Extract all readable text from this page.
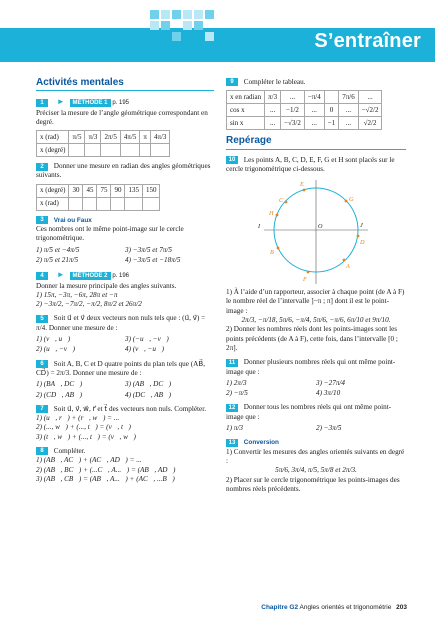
S’entraîner
Activités mentales
1 ► MÉTHODE 1 p. 195
Préciser la mesure de l’angle géométrique correspondant en degré.
x (rad)	π/5	π/3	2π/5	4π/5	π	4π/3
x (degré)						
2 Donner une mesure en radian des angles géométriques suivants.
x (degré)	30	45	75	90	135	150
x (rad)						
3 Vrai ou Faux
Ces nombres ont le même point-image sur le cercle trigonométrique.
1) π/5 et −4π/5	3) −3π/5 et 7π/5
2) π/5 et 21π/5	4) −3π/5 et −18π/5
4 ► MÉTHODE 2 p. 196
Donner la mesure principale des angles suivants.
1) 15π, −3π, −6π, 28π et −π
2) −3π/2, −7π/2, −π/2, 8π/2 et 26π/2
5 Soit u⃗ et v⃗ deux vecteurs non nuls tels que : (u⃗, v⃗) = π/4. Donner une mesure de :
1) (v⃗, u⃗)	3) (−u⃗, −v⃗)
2) (u⃗, −v⃗)	4) (v⃗, −u⃗)
6 Soit A, B, C et D quatre points du plan tels que (AB⃗, CD⃗) = 2π/3. Donner une mesure de :
1) (BA⃗, DC⃗)	3) (AB⃗, DC⃗)
2) (CD⃗, AB⃗)	4) (DC⃗, AB⃗)
7 Soit u⃗, v⃗, w⃗, r⃗ et t⃗ des vecteurs non nuls. Compléter.
1) (u⃗, r⃗) + (r⃗, w⃗) = ...
2) (..., w⃗) + (..., t⃗) = (v⃗, t⃗)
3) (t⃗, w⃗) + (..., t⃗) = (v⃗, w⃗)
8 Compléter.
1) (AB⃗, AC⃗) + (AC⃗, AD⃗) = ...
2) (AB⃗, BC⃗) + (...C⃗, A...⃗) = (AB⃗, AD⃗)
3) (AB⃗, CB⃗) = (AB⃗, A...⃗) + (AC⃗, ...B⃗)
9 Compléter le tableau.
x en radian	π/3	...	−π/4		7π/6	...
cos x	...	−1/2	...	0	...	−√2/2
sin x	...	−√3/2	...	−1	...	√2/2
Repérage
10 Les points A, B, C, D, E, F, G et H sont placés sur le cercle trigonométrique ci-dessous.
E
G
C
H
I	O
D
J
B
A
F
1) À l’aide d’un rapporteur, associer à chaque point (de A à F) le nombre réel de l’intervalle ]−π ; π] dont il est le point-image :
2π/3, −π/18, 5π/6, −π/4, 5π/6, −π/6, 6π/10 et 9π/10.
2) Donner les nombres réels dont les points-images sont les points précédents (de A à F), cette fois, dans l’intervalle [0 ; 2π].
11 Donner plusieurs nombres réels qui ont même point-image que :
1) 2π/3	3) −27π/4
2) −π/5	4) 3π/10
12 Donner tous les nombres réels qui ont même point-image que :
1) π/3	2) −3π/5
13 Conversion
1) Convertir les mesures des angles orientés suivants en degré :
5π/6, 3π/4, π/5, 5π/8 et 2π/3.
2) Placer sur le cercle trigonométrique les points-images des nombres réels précédents.
Chapitre G2 Angles orientés et trigonométrie 203
